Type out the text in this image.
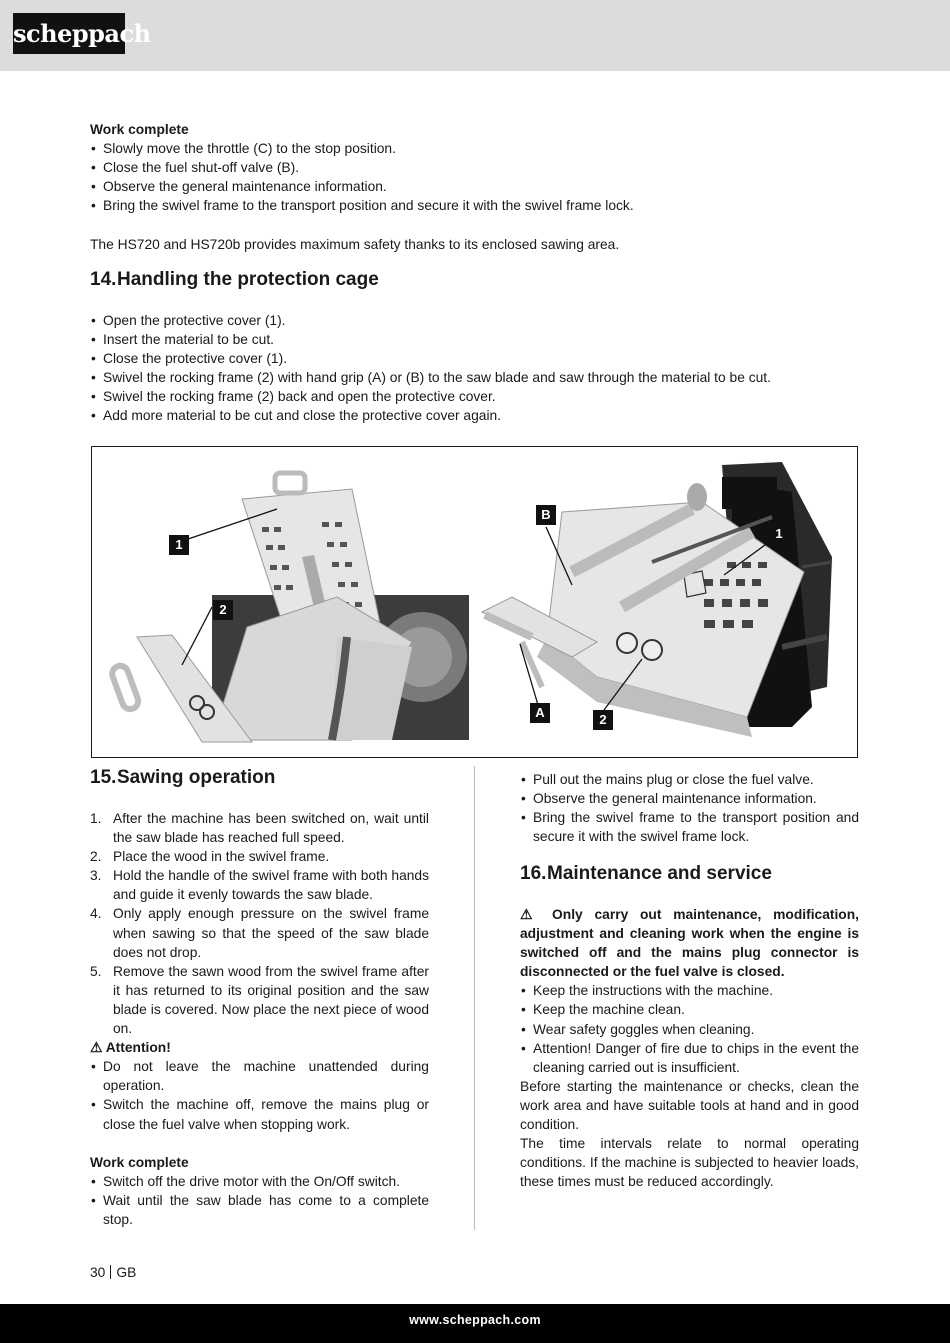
scheppach
Work complete
• Slowly move the throttle (C) to the stop position.
• Close the fuel shut-off valve (B).
• Observe the general maintenance information.
• Bring the swivel frame to the transport position and secure it with the swivel frame lock.
The HS720 and HS720b provides maximum safety thanks to its enclosed sawing area.
14.Handling the protection cage
• Open the protective cover (1).
• Insert the material to be cut.
• Close the protective cover (1).
• Swivel the rocking frame (2) with hand grip (A) or (B) to the saw blade and saw through the material to be cut.
• Swivel the rocking frame (2) back and open the protective cover.
• Add more material to be cut and close the protective cover again.
1
2
B
1
A	2
15.Sawing operation
1. After the machine has been switched on, wait until the saw blade has reached full speed.
2. Place the wood in the swivel frame.
3. Hold the handle of the swivel frame with both hands and guide it evenly towards the saw blade.
4. Only apply enough pressure on the swivel frame when sawing so that the speed of the saw blade does not drop.
5. Remove the sawn wood from the swivel frame after it has returned to its original position and the saw blade is covered. Now place the next piece of wood on.
⚠ Attention!
• Do not leave the machine unattended during operation.
• Switch the machine off, remove the mains plug or close the fuel valve when stopping work.
Work complete
• Switch off the drive motor with the On/Off switch.
• Wait until the saw blade has come to a complete stop.
• Pull out the mains plug or close the fuel valve.
• Observe the general maintenance information.
• Bring the swivel frame to the transport position and secure it with the swivel frame lock.
16.Maintenance and service
⚠ Only carry out maintenance, modification, adjustment and cleaning work when the engine is switched off and the mains plug connector is disconnected or the fuel valve is closed.
• Keep the instructions with the machine.
• Keep the machine clean.
• Wear safety goggles when cleaning.
• Attention! Danger of fire due to chips in the event the cleaning carried out is insufficient.
Before starting the maintenance or checks, clean the work area and have suitable tools at hand and in good condition.
The time intervals relate to normal operating conditions. If the machine is subjected to heavier loads, these times must be reduced accordingly.
30 GB
www.scheppach.com
